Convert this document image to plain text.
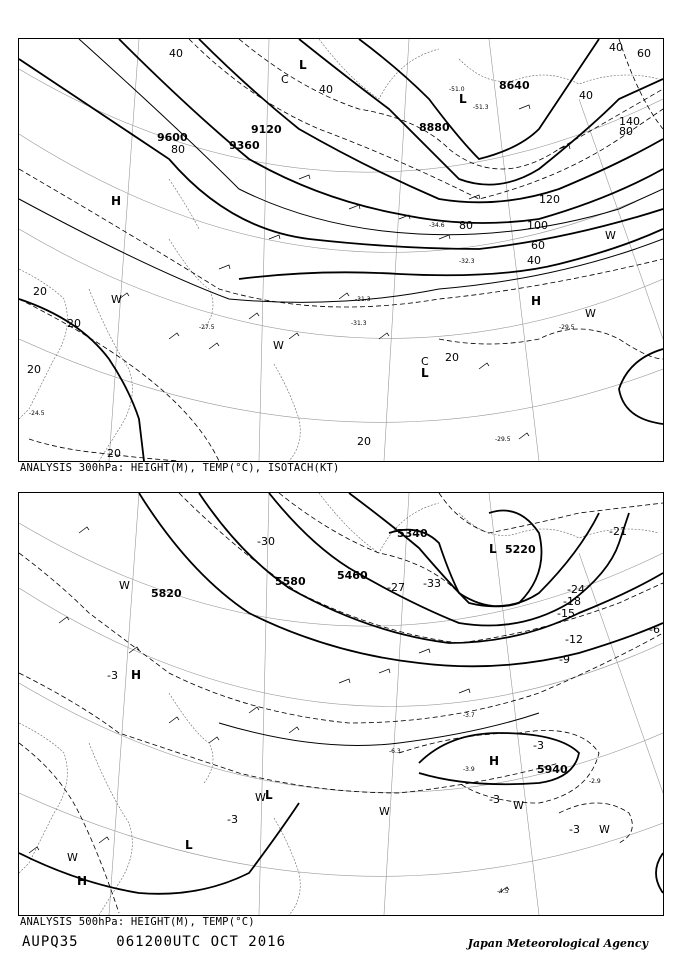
9600
9120
9360
8880
8640
20
20
20
20
20
20
40
40	40
40
40 60
60
80
80
80
100
120
140
-31.3
-31.3
-29.5
-29.5
-27.5
-24.5
-51.0
-51.3
-32.3
-34.6
H
H
L
L
L
C
C
W
W
W
W
ANALYSIS 300hPa: HEIGHT(M), TEMP(°C), ISOTACH(KT)
5820
5580
5340
5220
5460
5940
-3
-3
-3
-3
-3
-6
-9
-15
-18
-21
-24
-27
-30
-33
-12
-4.5
-3.9
-2.9
-3.7
-6.3
H
H
H
L
L
L
W
W
W
W	W
W
ANALYSIS 500hPa: HEIGHT(M), TEMP(°C)
AUPQ35	061200UTC OCT 2016	Japan Meteorological Agency
